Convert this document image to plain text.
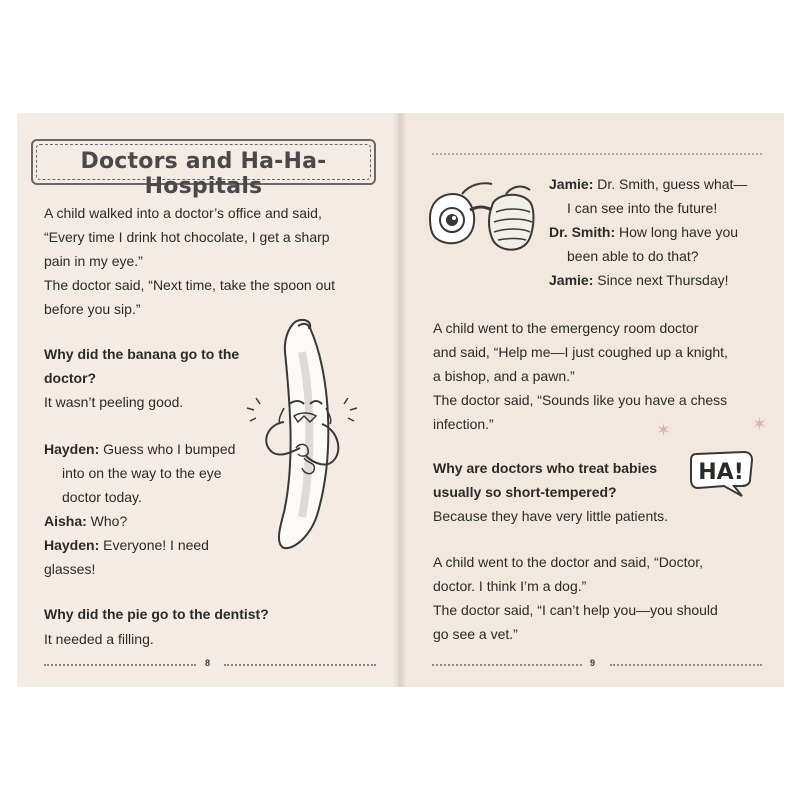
Doctors and Ha-Ha-Hospitals
A child walked into a doctor’s office and said,
“Every time I drink hot chocolate, I get a sharp
pain in my eye.”
The doctor said, “Next time, take the spoon out
before you sip.”
Why did the banana go to the
doctor?
It wasn’t peeling good.
Hayden: Guess who I bumped
into on the way to the eye
doctor today.
Aisha: Who?
Hayden: Everyone! I need
glasses!
Why did the pie go to the dentist?
It needed a filling.
8
Jamie: Dr. Smith, guess what—
I can see into the future!
Dr. Smith: How long have you
been able to do that?
Jamie: Since next Thursday!
A child went to the emergency room doctor
and said, “Help me—I just coughed up a knight,
a bishop, and a pawn.”
The doctor said, “Sounds like you have a chess
infection.”
Why are doctors who treat babies
usually so short-tempered?
Because they have very little patients.
HA!
A child went to the doctor and said, “Doctor,
doctor. I think I’m a dog.”
The doctor said, “I can’t help you—you should
go see a vet.”
✶	✶
9
